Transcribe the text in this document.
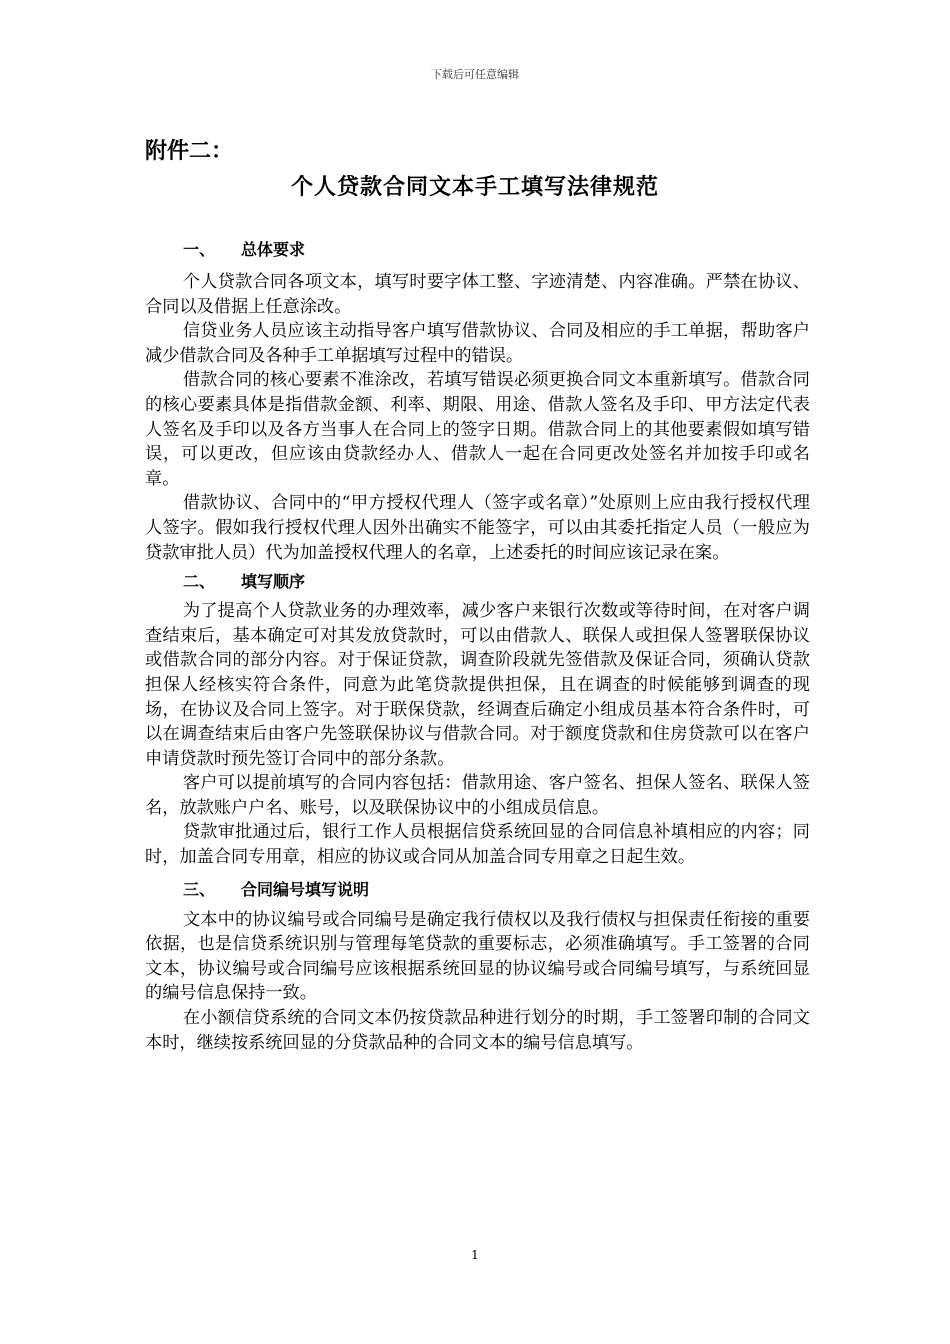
下载后可任意编辑
附件二：
个人贷款合同文本手工填写法律规范
一、	总体要求

个人贷款合同各项文本，填写时要字体工整、字迹清楚、内容准确。严禁在协议、合同以及借据上任意涂改。

信贷业务人员应该主动指导客户填写借款协议、合同及相应的手工单据，帮助客户减少借款合同及各种手工单据填写过程中的错误。

借款合同的核心要素不准涂改，若填写错误必须更换合同文本重新填写。借款合同的核心要素具体是指借款金额、利率、期限、用途、借款人签名及手印、甲方法定代表人签名及手印以及各方当事人在合同上的签字日期。借款合同上的其他要素假如填写错误，可以更改，但应该由贷款经办人、借款人一起在合同更改处签名并加按手印或名章。

借款协议、合同中的“甲方授权代理人（签字或名章）”处原则上应由我行授权代理人签字。假如我行授权代理人因外出确实不能签字，可以由其委托指定人员（一般应为贷款审批人员）代为加盖授权代理人的名章，上述委托的时间应该记录在案。

二、	填写顺序

为了提高个人贷款业务的办理效率，减少客户来银行次数或等待时间，在对客户调查结束后，基本确定可对其发放贷款时，可以由借款人、联保人或担保人签署联保协议或借款合同的部分内容。对于保证贷款，调查阶段就先签借款及保证合同，须确认贷款担保人经核实符合条件，同意为此笔贷款提供担保，且在调查的时候能够到调查的现场，在协议及合同上签字。对于联保贷款，经调查后确定小组成员基本符合条件时，可以在调查结束后由客户先签联保协议与借款合同。对于额度贷款和住房贷款可以在客户申请贷款时预先签订合同中的部分条款。

客户可以提前填写的合同内容包括：借款用途、客户签名、担保人签名、联保人签名，放款账户户名、账号，以及联保协议中的小组成员信息。

贷款审批通过后，银行工作人员根据信贷系统回显的合同信息补填相应的内容；同时，加盖合同专用章，相应的协议或合同从加盖合同专用章之日起生效。

三、	合同编号填写说明

文本中的协议编号或合同编号是确定我行债权以及我行债权与担保责任衔接的重要依据，也是信贷系统识别与管理每笔贷款的重要标志，必须准确填写。手工签署的合同文本，协议编号或合同编号应该根据系统回显的协议编号或合同编号填写，与系统回显的编号信息保持一致。

在小额信贷系统的合同文本仍按贷款品种进行划分的时期，手工签署印制的合同文本时，继续按系统回显的分贷款品种的合同文本的编号信息填写。

1
